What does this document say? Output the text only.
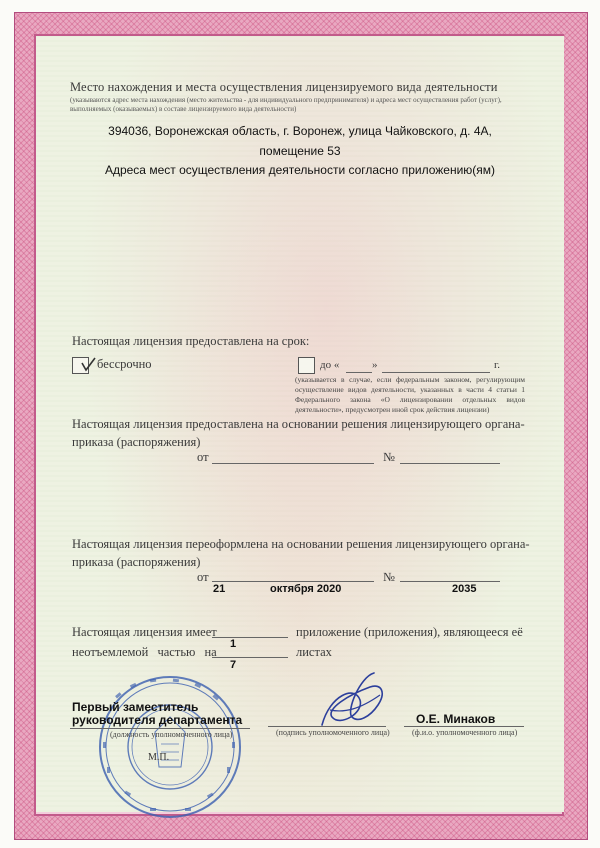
Место нахождения и места осуществления лицензируемого вида деятельности
(указываются адрес места нахождения (место жительства - для индивидуального предпринимателя) и адреса мест осуществления работ (услуг), выполняемых (оказываемых) в составе лицензируемого вида деятельности)
394036, Воронежская область, г. Воронеж, улица Чайковского, д. 4А,
помещение 53
Адреса мест осуществления деятельности согласно приложению(ям)
Настоящая лицензия предоставлена на срок:
бессрочно	до «	»	г.
(указывается в случае, если федеральным законом, регулирующим осуществление видов деятельности, указанных в части 4 статьи 1 Федерального закона «О лицензировании отдельных видов деятельности», предусмотрен иной срок действия лицензии)
Настоящая лицензия предоставлена на основании решения лицензирующего органа-
приказа (распоряжения)
от	№
Настоящая лицензия переоформлена на основании решения лицензирующего органа-
приказа (распоряжения)
от
21	октября 2020
№
2035
Настоящая лицензия имеет
1
приложение (приложения), являющееся её
неотъемлемой частью на
7
листах
Первый заместитель
руководителя департамента
(должность уполномоченного лица)	(подпись уполномоченного лица)
О.Е. Минаков
(ф.и.о. уполномоченного лица)
М.П.
